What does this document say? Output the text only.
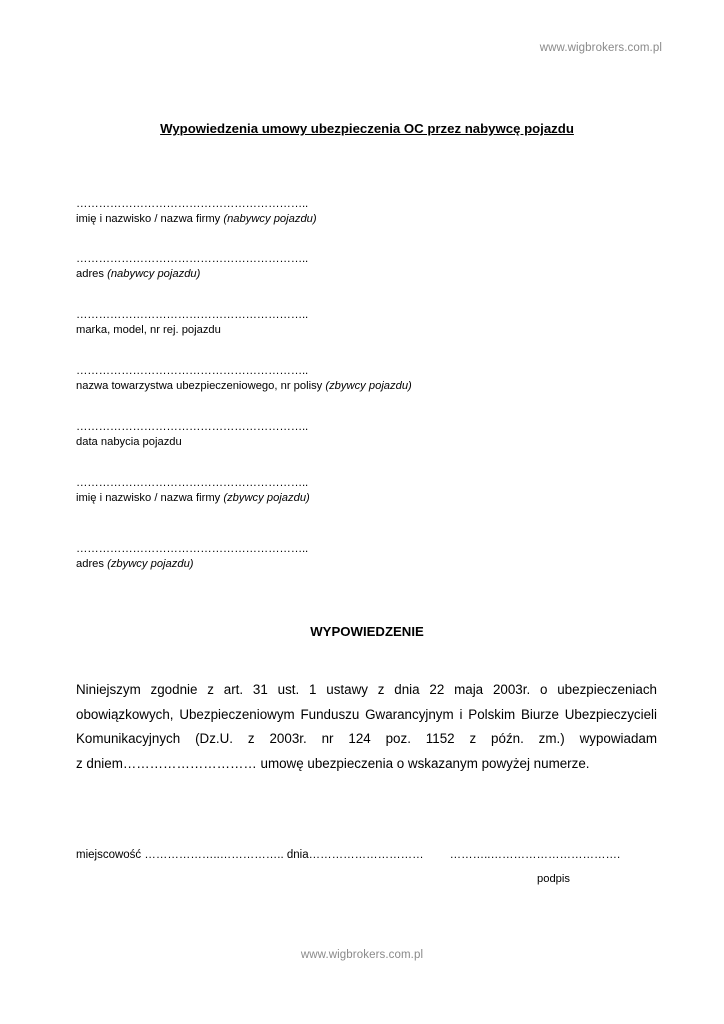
www.wigbrokers.com.pl
Wypowiedzenia umowy ubezpieczenia OC przez nabywcę pojazdu
……………………………………………………..
imię i nazwisko / nazwa firmy (nabywcy pojazdu)
……………………………………………………..
adres (nabywcy pojazdu)
……………………………………………………..
marka, model, nr rej. pojazdu
……………………………………………………..
nazwa towarzystwa ubezpieczeniowego, nr polisy (zbywcy pojazdu)
……………………………………………………..
data nabycia pojazdu
……………………………………………………..
imię i nazwisko / nazwa firmy (zbywcy pojazdu)
……………………………………………………..
adres (zbywcy pojazdu)
WYPOWIEDZENIE
Niniejszym zgodnie z art. 31 ust. 1 ustawy z dnia 22 maja 2003r. o ubezpieczeniach
obowiązkowych, Ubezpieczeniowym Funduszu Gwarancyjnym i Polskim Biurze Ubezpieczycieli
Komunikacyjnych (Dz.U. z 2003r. nr 124 poz. 1152 z późn. zm.) wypowiadam
z dniem………………………… umowę ubezpieczenia o wskazanym powyżej numerze.
miejscowość ………………..…………….. dnia………………………… ………..…………………………….
podpis
www.wigbrokers.com.pl
